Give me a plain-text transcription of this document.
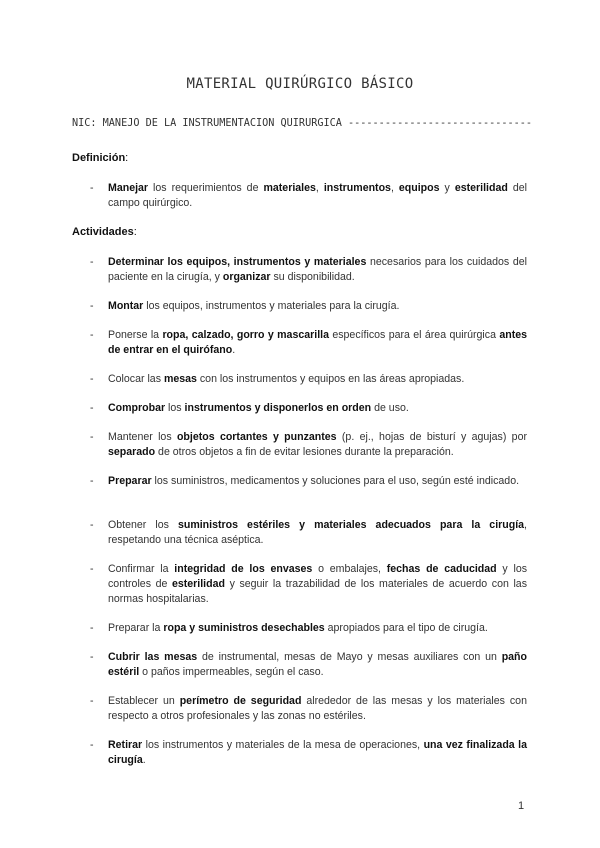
MATERIAL QUIRÚRGICO BÁSICO
NIC: MANEJO DE LA INSTRUMENTACIÓN QUIRÚRGICA ------------------------------
Definición:
- Manejar los requerimientos de materiales, instrumentos, equipos y esterilidad del campo quirúrgico.
Actividades:
- Determinar los equipos, instrumentos y materiales necesarios para los cuidados del paciente en la cirugía, y organizar su disponibilidad.
- Montar los equipos, instrumentos y materiales para la cirugía.
- Ponerse la ropa, calzado, gorro y mascarilla específicos para el área quirúrgica antes de entrar en el quirófano.
- Colocar las mesas con los instrumentos y equipos en las áreas apropiadas.
- Comprobar los instrumentos y disponerlos en orden de uso.
- Mantener los objetos cortantes y punzantes (p. ej., hojas de bisturí y agujas) por separado de otros objetos a fin de evitar lesiones durante la preparación.
- Preparar los suministros, medicamentos y soluciones para el uso, según esté indicado.
- Obtener los suministros estériles y materiales adecuados para la cirugía, respetando una técnica aséptica.
- Confirmar la integridad de los envases o embalajes, fechas de caducidad y los controles de esterilidad y seguir la trazabilidad de los materiales de acuerdo con las normas hospitalarias.
- Preparar la ropa y suministros desechables apropiados para el tipo de cirugía.
- Cubrir las mesas de instrumental, mesas de Mayo y mesas auxiliares con un paño estéril o paños impermeables, según el caso.
- Establecer un perímetro de seguridad alrededor de las mesas y los materiales con respecto a otros profesionales y las zonas no estériles.
- Retirar los instrumentos y materiales de la mesa de operaciones, una vez finalizada la cirugía.
1
